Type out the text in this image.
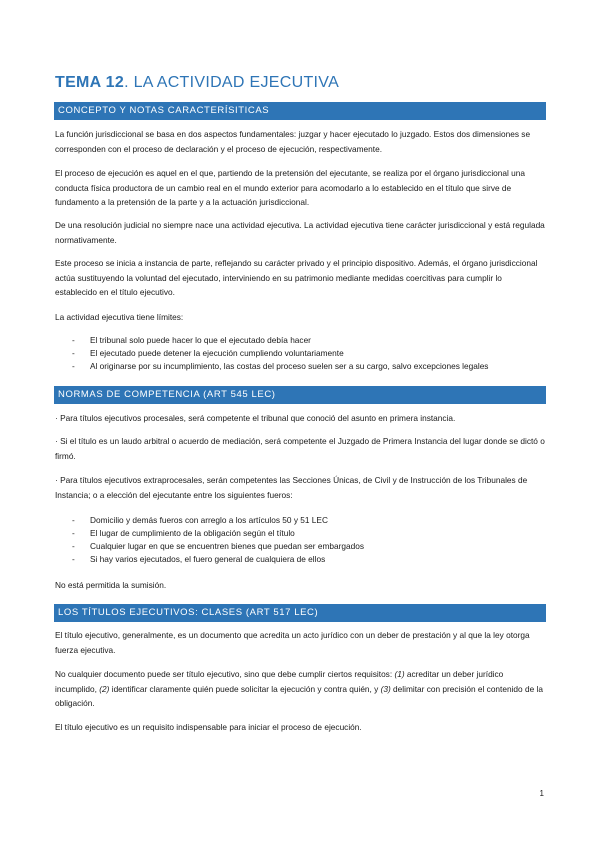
TEMA 12. LA ACTIVIDAD EJECUTIVA
CONCEPTO Y NOTAS CARACTERÍSITICAS
La función jurisdiccional se basa en dos aspectos fundamentales: juzgar y hacer ejecutado lo juzgado. Estos dos dimensiones se corresponden con el proceso de declaración y el proceso de ejecución, respectivamente.
El proceso de ejecución es aquel en el que, partiendo de la pretensión del ejecutante, se realiza por el órgano jurisdiccional una conducta física productora de un cambio real en el mundo exterior para acomodarlo a lo establecido en el título que sirve de fundamento a la pretensión de la parte y a la actuación jurisdiccional.
De una resolución judicial no siempre nace una actividad ejecutiva. La actividad ejecutiva tiene carácter jurisdiccional y está regulada normativamente.
Este proceso se inicia a instancia de parte, reflejando su carácter privado y el principio dispositivo. Además, el órgano jurisdiccional actúa sustituyendo la voluntad del ejecutado, interviniendo en su patrimonio mediante medidas coercitivas para cumplir lo establecido en el título ejecutivo.
La actividad ejecutiva tiene límites:
- El tribunal solo puede hacer lo que el ejecutado debía hacer
- El ejecutado puede detener la ejecución cumpliendo voluntariamente
- Al originarse por su incumplimiento, las costas del proceso suelen ser a su cargo, salvo excepciones legales
NORMAS DE COMPETENCIA (ART 545 LEC)
· Para títulos ejecutivos procesales, será competente el tribunal que conoció del asunto en primera instancia.
· Si el título es un laudo arbitral o acuerdo de mediación, será competente el Juzgado de Primera Instancia del lugar donde se dictó o firmó.
· Para títulos ejecutivos extraprocesales, serán competentes las Secciones Únicas, de Civil y de Instrucción de los Tribunales de Instancia; o a elección del ejecutante entre los siguientes fueros:
- Domicilio y demás fueros con arreglo a los artículos 50 y 51 LEC
- El lugar de cumplimiento de la obligación según el título
- Cualquier lugar en que se encuentren bienes que puedan ser embargados
- Si hay varios ejecutados, el fuero general de cualquiera de ellos
No está permitida la sumisión.
LOS TÍTULOS EJECUTIVOS: CLASES (ART 517 LEC)
El título ejecutivo, generalmente, es un documento que acredita un acto jurídico con un deber de prestación y al que la ley otorga fuerza ejecutiva.
No cualquier documento puede ser título ejecutivo, sino que debe cumplir ciertos requisitos: (1) acreditar un deber jurídico incumplido, (2) identificar claramente quién puede solicitar la ejecución y contra quién, y (3) delimitar con precisión el contenido de la obligación.
El título ejecutivo es un requisito indispensable para iniciar el proceso de ejecución.
1
